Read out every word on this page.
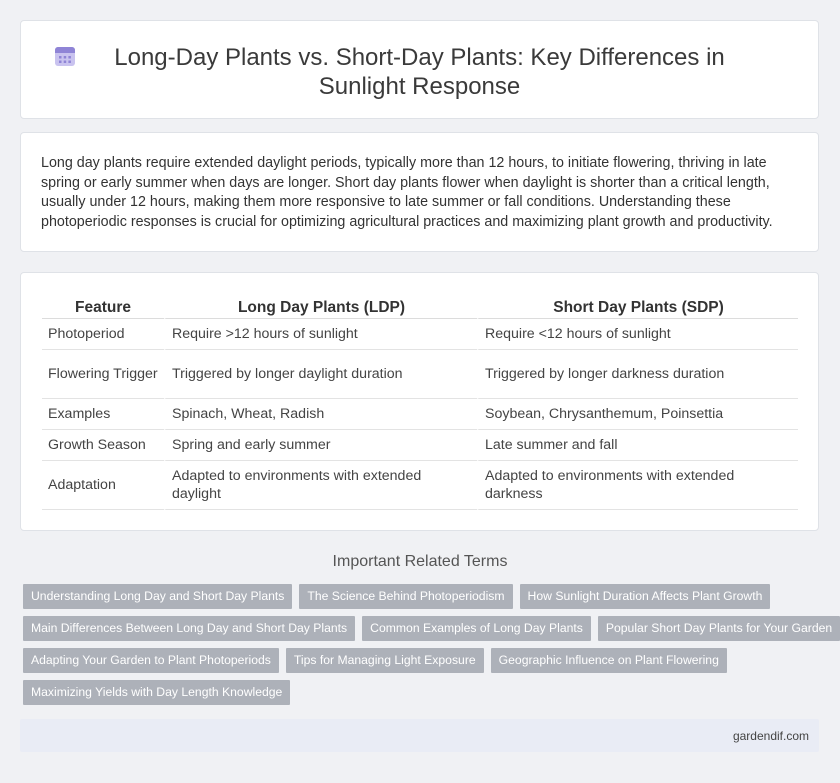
Long-Day Plants vs. Short-Day Plants: Key Differences in Sunlight Response

Long day plants require extended daylight periods, typically more than 12 hours, to initiate flowering, thriving in late spring or early summer when days are longer. Short day plants flower when daylight is shorter than a critical length, usually under 12 hours, making them more responsive to late summer or fall conditions. Understanding these photoperiodic responses is crucial for optimizing agricultural practices and maximizing plant growth and productivity.

Feature	Long Day Plants (LDP)	Short Day Plants (SDP)
Photoperiod	Require >12 hours of sunlight	Require <12 hours of sunlight
Flowering Trigger	Triggered by longer daylight duration	Triggered by longer darkness duration
Examples	Spinach, Wheat, Radish	Soybean, Chrysanthemum, Poinsettia
Growth Season	Spring and early summer	Late summer and fall
Adaptation	Adapted to environments with extended daylight	Adapted to environments with extended darkness
Important Related Terms
Understanding Long Day and Short Day Plants	The Science Behind Photoperiodism	How Sunlight Duration Affects Plant Growth
Main Differences Between Long Day and Short Day Plants	Common Examples of Long Day Plants	Popular Short Day Plants for Your Garden
Adapting Your Garden to Plant Photoperiods	Tips for Managing Light Exposure	Geographic Influence on Plant Flowering
Maximizing Yields with Day Length Knowledge
gardendif.com
